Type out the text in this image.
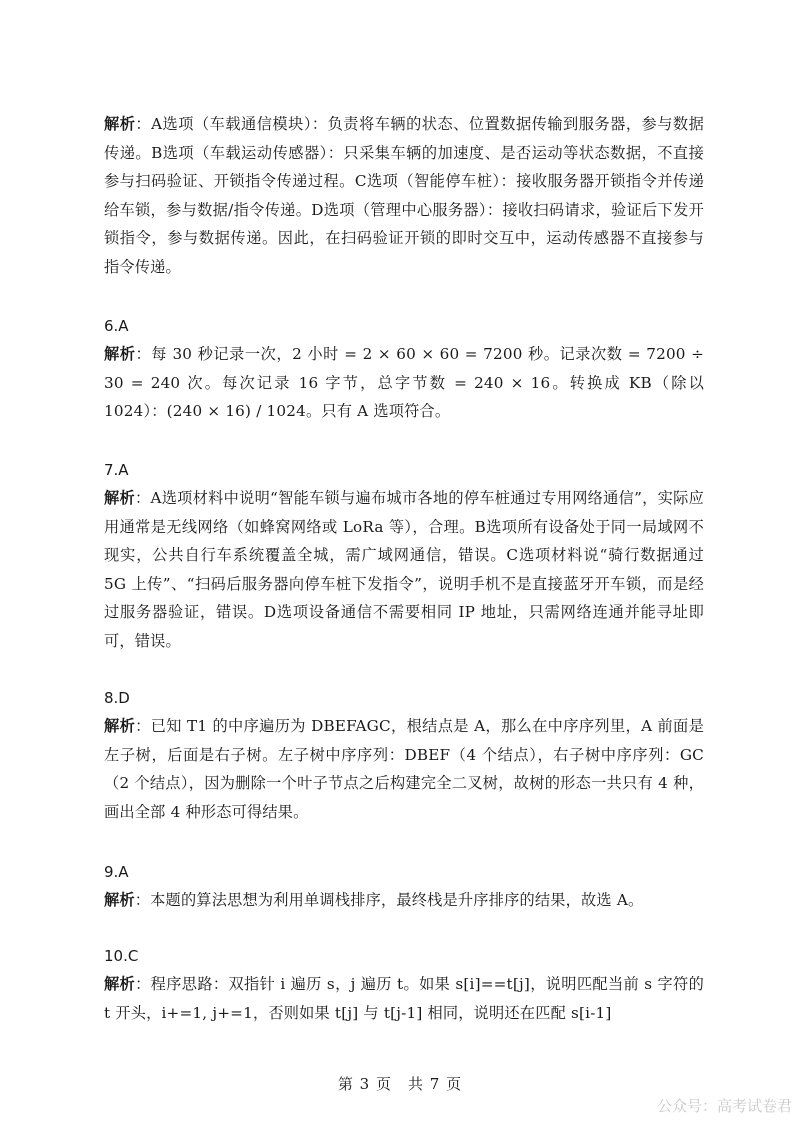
解析：A选项（车载通信模块）：负责将车辆的状态、位置数据传输到服务器，参与数据传递。B选项（车载运动传感器）：只采集车辆的加速度、是否运动等状态数据，不直接参与扫码验证、开锁指令传递过程。C选项（智能停车桩）：接收服务器开锁指令并传递给车锁，参与数据/指令传递。D选项（管理中心服务器）：接收扫码请求，验证后下发开锁指令，参与数据传递。因此，在扫码验证开锁的即时交互中，运动传感器不直接参与指令传递。

6.A

解析：每 30 秒记录一次，2 小时 = 2 × 60 × 60 = 7200 秒。记录次数 = 7200 ÷ 30 = 240 次。每次记录 16 字节，总字节数 = 240 × 16。转换成 KB（除以 1024）：(240 × 16) / 1024。只有 A 选项符合。

7.A

解析：A选项材料中说明“智能车锁与遍布城市各地的停车桩通过专用网络通信”，实际应用通常是无线网络（如蜂窝网络或 LoRa 等），合理。B选项所有设备处于同一局域网不现实，公共自行车系统覆盖全城，需广域网通信，错误。C选项材料说“骑行数据通过 5G 上传”、“扫码后服务器向停车桩下发指令”，说明手机不是直接蓝牙开车锁，而是经过服务器验证，错误。D选项设备通信不需要相同 IP 地址，只需网络连通并能寻址即可，错误。

8.D

解析：已知 T1 的中序遍历为 DBEFAGC，根结点是 A，那么在中序序列里，A 前面是左子树，后面是右子树。左子树中序序列：DBEF（4 个结点），右子树中序序列：GC（2 个结点），因为删除一个叶子节点之后构建完全二叉树，故树的形态一共只有 4 种，画出全部 4 种形态可得结果。

9.A

解析：本题的算法思想为利用单调栈排序，最终栈是升序排序的结果，故选 A。

10.C

解析：程序思路：双指针 i 遍历 s，j 遍历 t。如果 s[i]==t[j]，说明匹配当前 s 字符的 t 开头，i+=1, j+=1，否则如果 t[j] 与 t[j-1] 相同，说明还在匹配 s[i-1]

第 3 页　共 7 页
公众号：高考试卷君
